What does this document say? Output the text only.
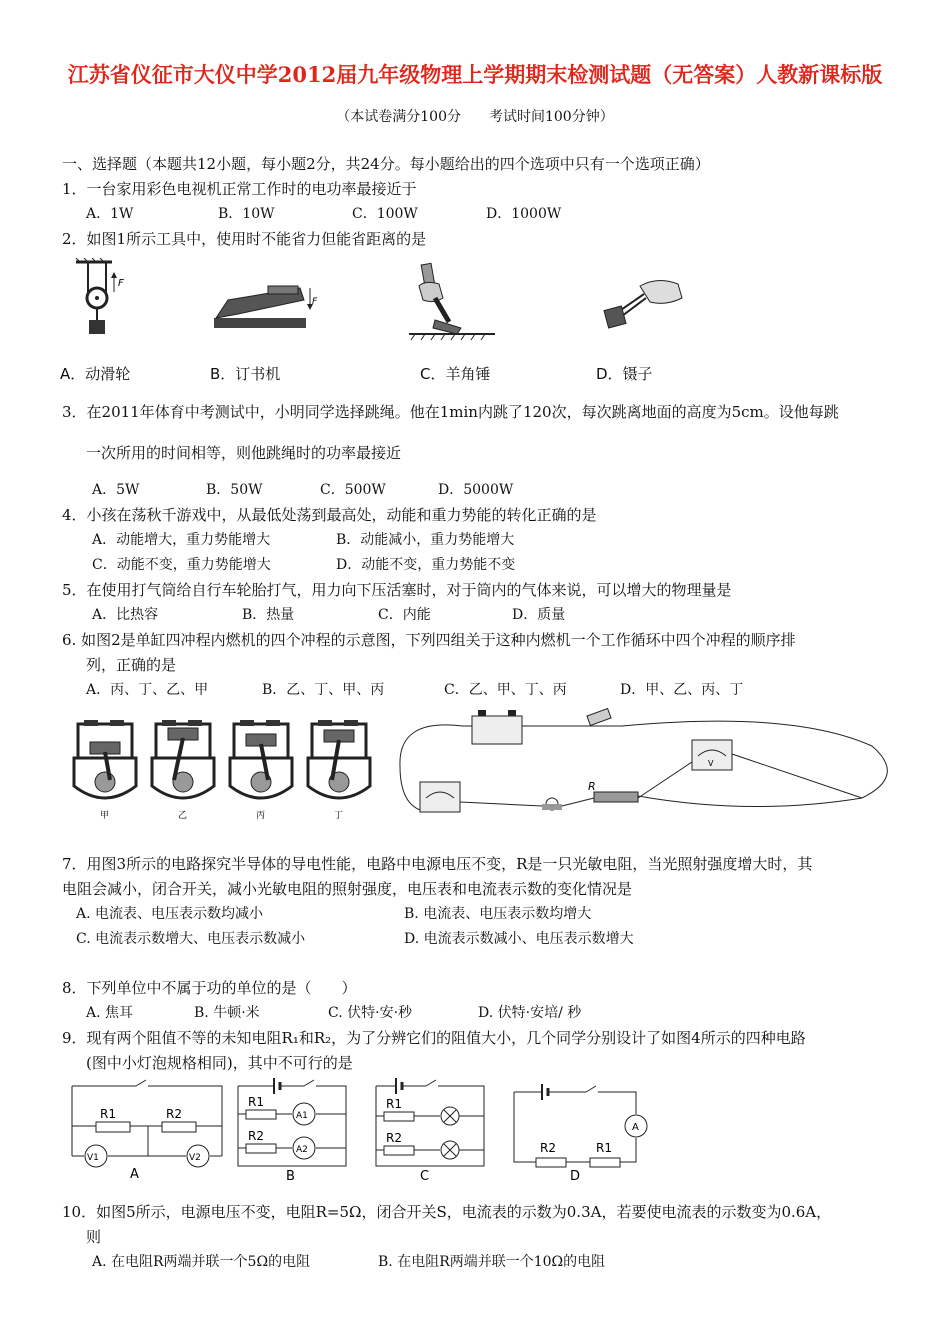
江苏省仪征市大仪中学2012届九年级物理上学期期末检测试题（无答案）人教新课标版
（本试卷满分100分　　考试时间100分钟）
一、选择题（本题共12小题，每小题2分，共24分。每小题给出的四个选项中只有一个选项正确）
1．一台家用彩色电视机正常工作时的电功率最接近于
A．1W	B．10W	C．100W	D．1000W
2．如图1所示工具中，使用时不能省力但能省距离的是
F
F
A．动滑轮	B．订书机	C．羊角锤	D．镊子
3．在2011年体育中考测试中，小明同学选择跳绳。他在1min内跳了120次，每次跳离地面的高度为5cm。设他每跳
一次所用的时间相等，则他跳绳时的功率最接近
A．5W	B．50W	C．500W	D．5000W
4．小孩在荡秋千游戏中，从最低处荡到最高处，动能和重力势能的转化正确的是
A．动能增大，重力势能增大	B．动能减小，重力势能增大
C．动能不变，重力势能增大	D．动能不变，重力势能不变
5．在使用打气筒给自行车轮胎打气，用力向下压活塞时，对于筒内的气体来说，可以增大的物理量是
A．比热容	B．热量	C．内能	D．质量
6. 如图2是单缸四冲程内燃机的四个冲程的示意图，下列四组关于这种内燃机一个工作循环中四个冲程的顺序排
列，正确的是
A．丙、丁、乙、甲	B．乙、丁、甲、丙	C．乙、甲、丁、丙	D．甲、乙、丙、丁
甲	乙	丙	丁
V
R
7．用图3所示的电路探究半导体的导电性能，电路中电源电压不变，R是一只光敏电阻，当光照射强度增大时，其
电阻会减小，闭合开关，减小光敏电阻的照射强度，电压表和电流表示数的变化情况是
A. 电流表、电压表示数均减小	B. 电流表、电压表示数均增大
C. 电流表示数增大、电压表示数减小	D. 电流表示数减小、电压表示数增大
8．下列单位中不属于功的单位的是（　　）
A. 焦耳	B. 牛顿·米	C. 伏特·安·秒	D. 伏特·安培/ 秒
9．现有两个阻值不等的未知电阻R₁和R₂，为了分辨它们的阻值大小，几个同学分别设计了如图4所示的四种电路
(图中小灯泡规格相同)，其中不可行的是
R1	R2
V1	V2
A
A1
R1
A2
R2
B
R1
R2
C
A
R2	R1
D
10．如图5所示，电源电压不变，电阻R=5Ω，闭合开关S，电流表的示数为0.3A，若要使电流表的示数变为0.6A，
则
A. 在电阻R两端并联一个5Ω的电阻	B. 在电阻R两端并联一个10Ω的电阻
